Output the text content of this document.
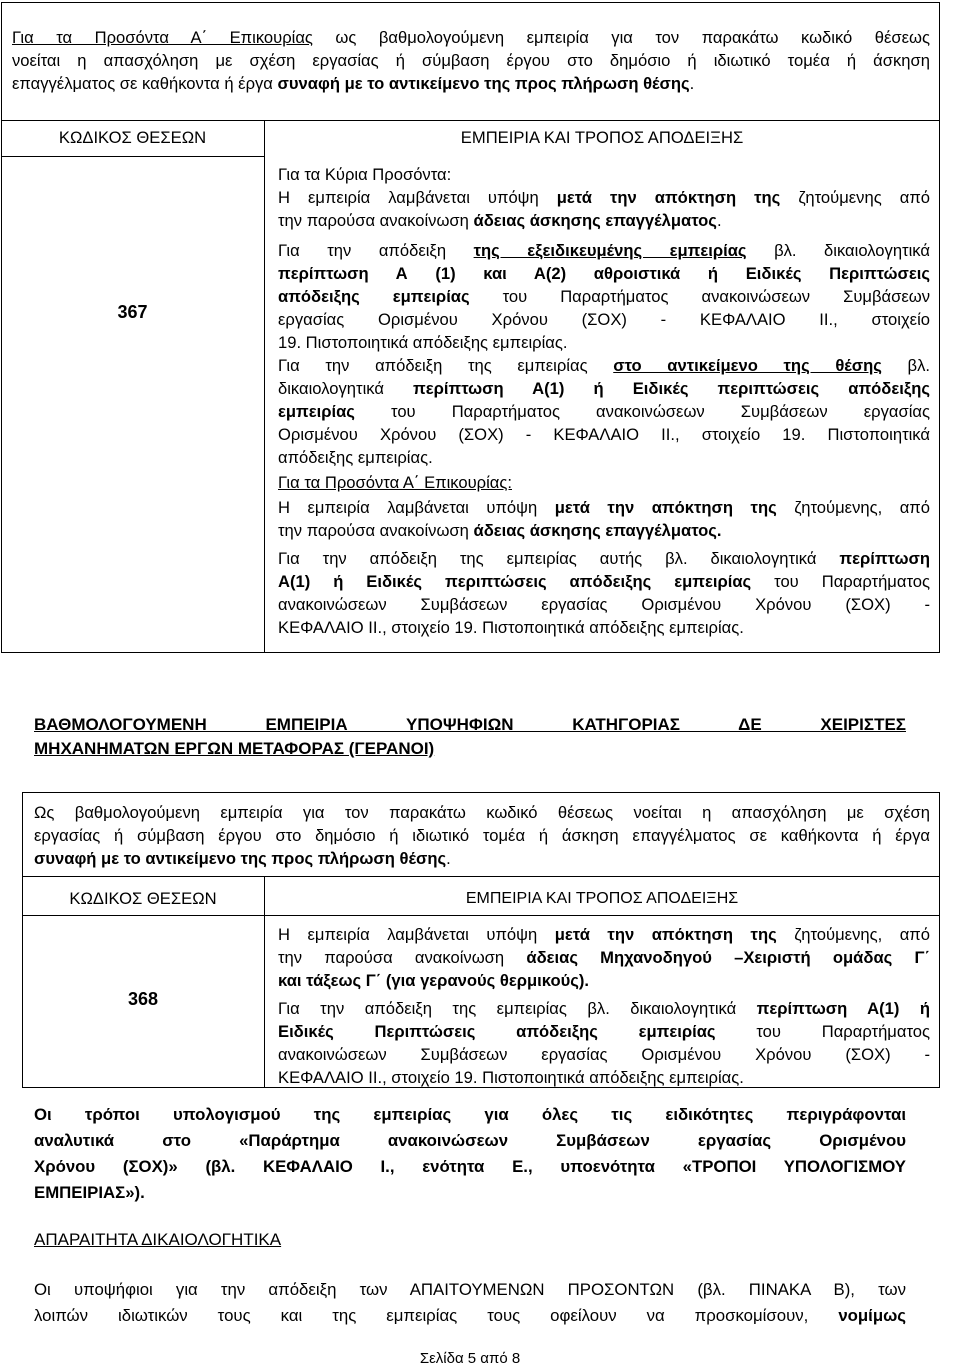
Για τα Προσόντα Α΄ Επικουρίας ως βαθμολογούμενη εμπειρία για τον παρακάτω κωδικό θέσεως
νοείται η απασχόληση με σχέση εργασίας ή σύμβαση έργου στο δημόσιο ή ιδιωτικό τομέα ή άσκηση
επαγγέλματος σε καθήκοντα ή έργα συναφή με το αντικείμενο της προς πλήρωση θέσης.
ΚΩΔΙΚΟΣ ΘΕΣΕΩΝ	ΕΜΠΕΙΡΙΑ ΚΑΙ ΤΡΟΠΟΣ ΑΠΟΔΕΙΞΗΣ
367
Για τα Κύρια Προσόντα:
Η εμπειρία λαμβάνεται υπόψη μετά την απόκτηση της ζητούμενης από
την παρούσα ανακοίνωση άδειας άσκησης επαγγέλματος.
Για την απόδειξη της εξειδικευμένης εμπειρίας βλ. δικαιολογητικά
περίπτωση Α (1) και Α(2) αθροιστικά ή Ειδικές Περιπτώσεις
απόδειξης εμπειρίας του Παραρτήματος ανακοινώσεων Συμβάσεων
εργασίας Ορισμένου Χρόνου (ΣΟΧ) - ΚΕΦΑΛΑΙΟ ΙΙ., στοιχείο
19. Πιστοποιητικά απόδειξης εμπειρίας.
Για την απόδειξη της εμπειρίας στο αντικείμενο της θέσης βλ.
δικαιολογητικά περίπτωση Α(1) ή Ειδικές περιπτώσεις απόδειξης
εμπειρίας του Παραρτήματος ανακοινώσεων Συμβάσεων εργασίας
Ορισμένου Χρόνου (ΣΟΧ) - ΚΕΦΑΛΑΙΟ ΙΙ., στοιχείο 19. Πιστοποιητικά
απόδειξης εμπειρίας.
Για τα Προσόντα Α΄ Επικουρίας:
Η εμπειρία λαμβάνεται υπόψη μετά την απόκτηση της ζητούμενης, από
την παρούσα ανακοίνωση άδειας άσκησης επαγγέλματος.
Για την απόδειξη της εμπειρίας αυτής βλ. δικαιολογητικά περίπτωση
Α(1) ή Ειδικές περιπτώσεις απόδειξης εμπειρίας του Παραρτήματος
ανακοινώσεων Συμβάσεων εργασίας Ορισμένου Χρόνου (ΣΟΧ) -
ΚΕΦΑΛΑΙΟ ΙΙ., στοιχείο 19. Πιστοποιητικά απόδειξης εμπειρίας.
ΒΑΘΜΟΛΟΓΟΥΜΕΝΗ ΕΜΠΕΙΡΙΑ ΥΠΟΨΗΦΙΩΝ ΚΑΤΗΓΟΡΙΑΣ ΔΕ ΧΕΙΡΙΣΤΕΣ
ΜΗΧΑΝΗΜΑΤΩΝ ΕΡΓΩΝ ΜΕΤΑΦΟΡΑΣ (ΓΕΡΑΝΟΙ)
Ως βαθμολογούμενη εμπειρία για τον παρακάτω κωδικό θέσεως νοείται η απασχόληση με σχέση
εργασίας ή σύμβαση έργου στο δημόσιο ή ιδιωτικό τομέα ή άσκηση επαγγέλματος σε καθήκοντα ή έργα
συναφή με το αντικείμενο της προς πλήρωση θέσης.
ΚΩΔΙΚΟΣ ΘΕΣΕΩΝ	ΕΜΠΕΙΡΙΑ ΚΑΙ ΤΡΟΠΟΣ ΑΠΟΔΕΙΞΗΣ
368
Η εμπειρία λαμβάνεται υπόψη μετά την απόκτηση της ζητούμενης, από
την παρούσα ανακοίνωση άδειας Μηχανοδηγού –Χειριστή ομάδας Γ΄
και τάξεως Γ΄ (για γερανούς θερμικούς).
Για την απόδειξη της εμπειρίας βλ. δικαιολογητικά περίπτωση Α(1) ή
Ειδικές Περιπτώσεις απόδειξης εμπειρίας του Παραρτήματος
ανακοινώσεων Συμβάσεων εργασίας Ορισμένου Χρόνου (ΣΟΧ) -
ΚΕΦΑΛΑΙΟ ΙΙ., στοιχείο 19. Πιστοποιητικά απόδειξης εμπειρίας.
Οι τρόποι υπολογισμού της εμπειρίας για όλες τις ειδικότητες περιγράφονται
αναλυτικά στο «Παράρτημα ανακοινώσεων Συμβάσεων εργασίας Ορισμένου
Χρόνου (ΣΟΧ)» (βλ. ΚΕΦΑΛΑΙΟ Ι., ενότητα Ε., υποενότητα «ΤΡΟΠΟΙ ΥΠΟΛΟΓΙΣΜΟΥ
ΕΜΠΕΙΡΙΑΣ»).
ΑΠΑΡΑΙΤΗΤΑ ΔΙΚΑΙΟΛΟΓΗΤΙΚΑ
Οι υποψήφιοι για την απόδειξη των ΑΠΑΙΤΟΥΜΕΝΩΝ ΠΡΟΣΟΝΤΩΝ (βλ. ΠΙΝΑΚΑ Β), των
λοιπών ιδιωτικών τους και της εμπειρίας τους οφείλουν να προσκομίσουν, νομίμως
Σελίδα 5 από 8
